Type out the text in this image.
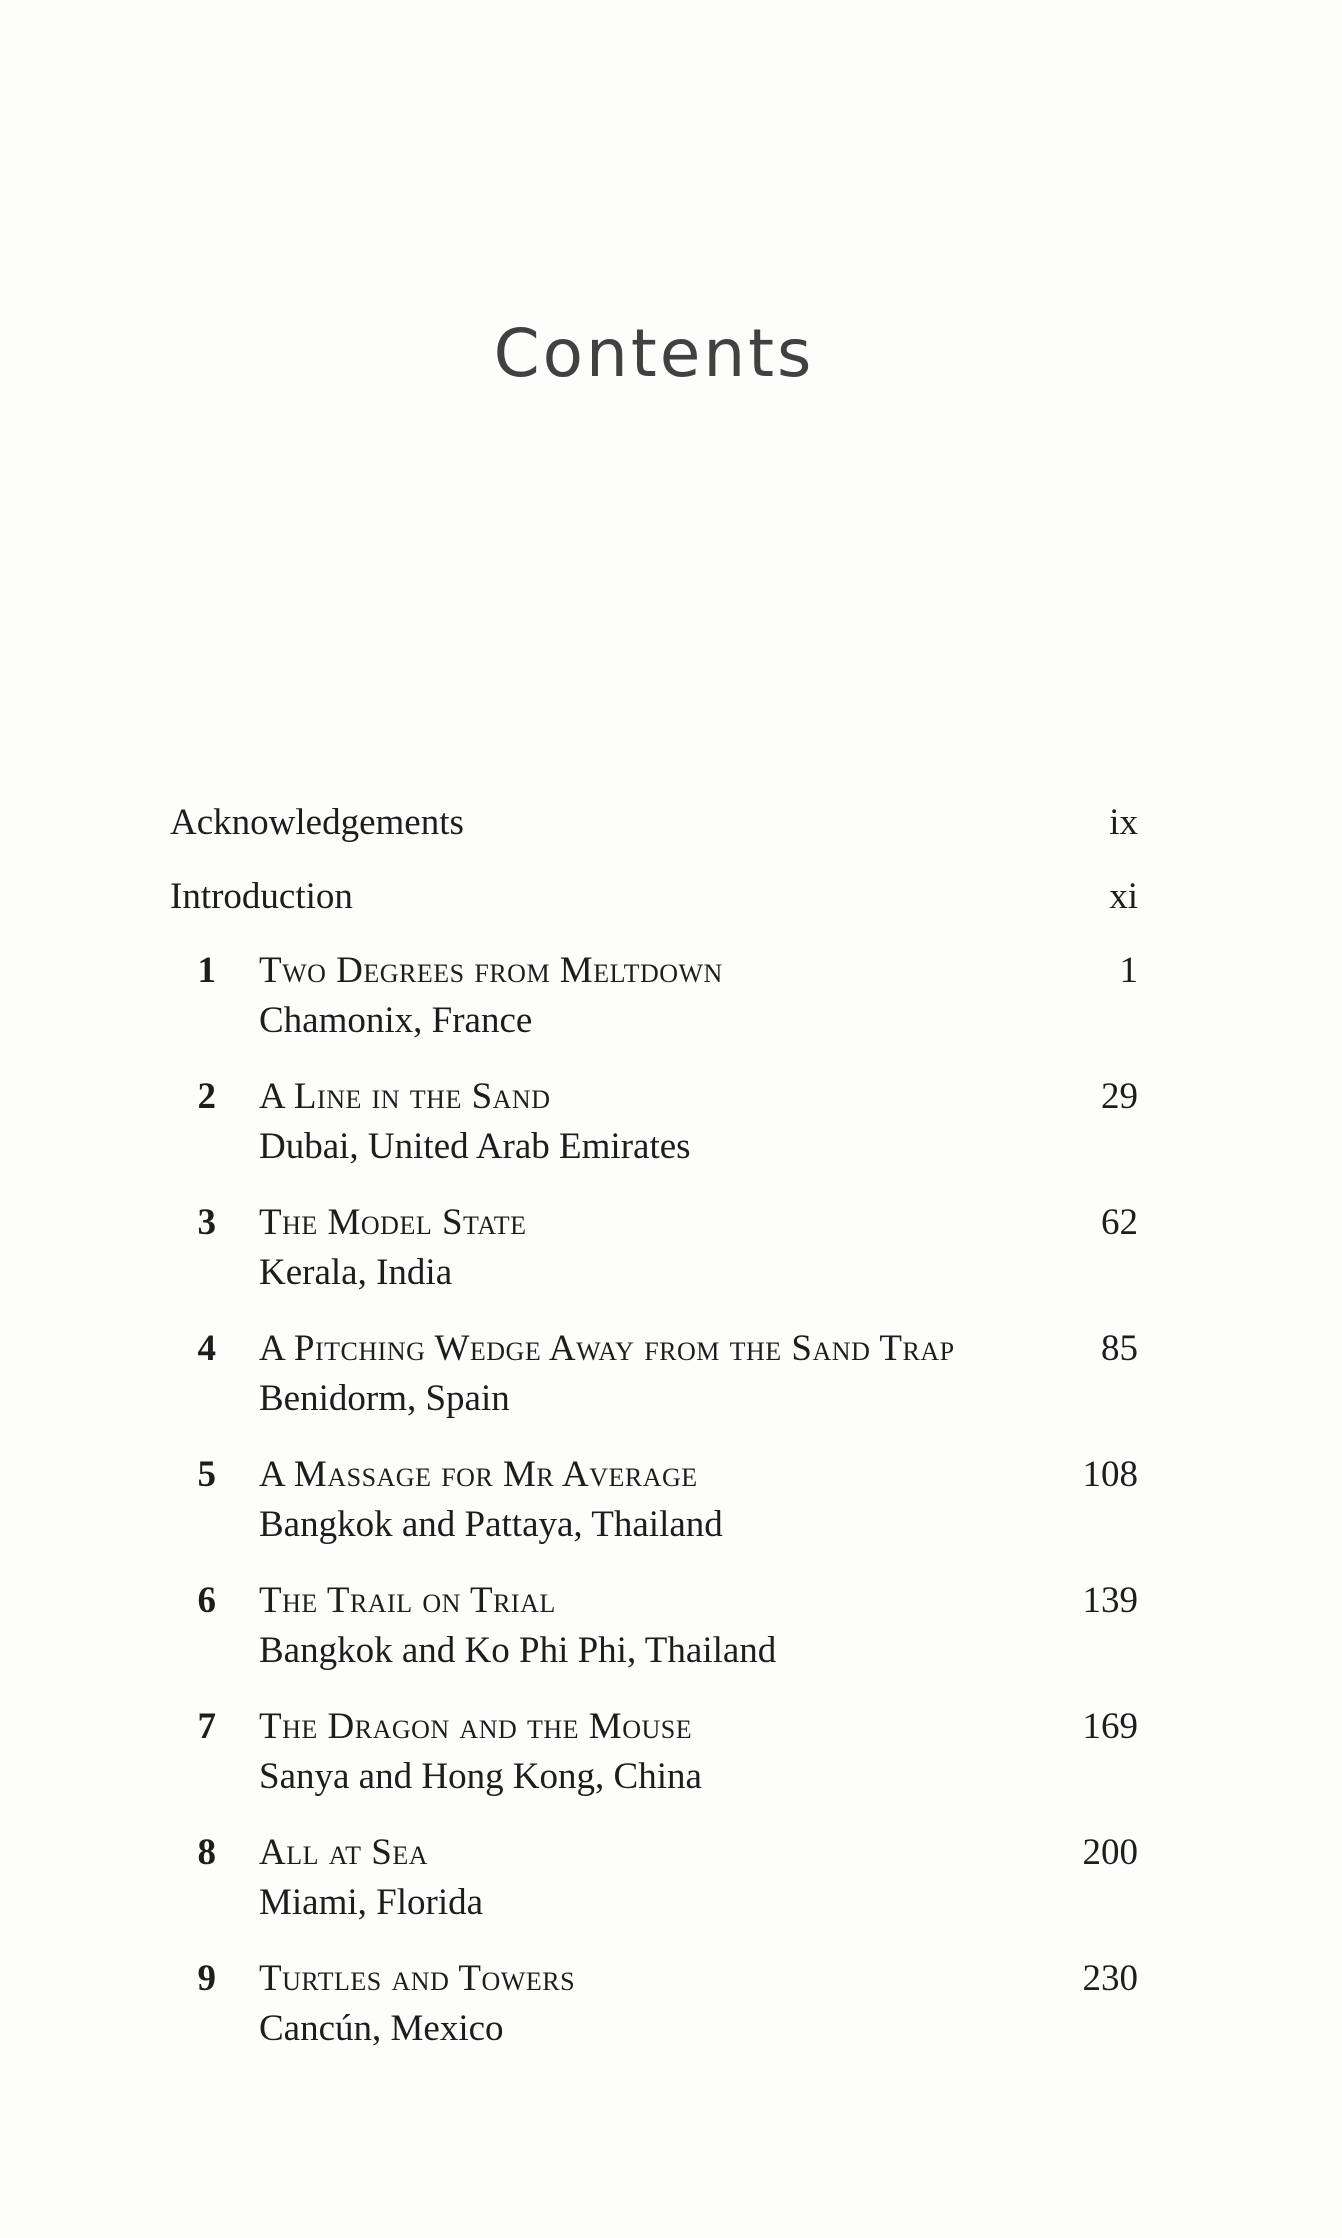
Contents
Acknowledgements	ix
Introduction	xi
1 Two Degrees from Meltdown	1
Chamonix, France
2 A Line in the Sand	29
Dubai, United Arab Emirates
3 The Model State	62
Kerala, India
4 A Pitching Wedge Away from the Sand Trap	85
Benidorm, Spain
5 A Massage for Mr Average	108
Bangkok and Pattaya, Thailand
6 The Trail on Trial	139
Bangkok and Ko Phi Phi, Thailand
7 The Dragon and the Mouse	169
Sanya and Hong Kong, China
8 All at Sea	200
Miami, Florida
9 Turtles and Towers	230
Cancún, Mexico
